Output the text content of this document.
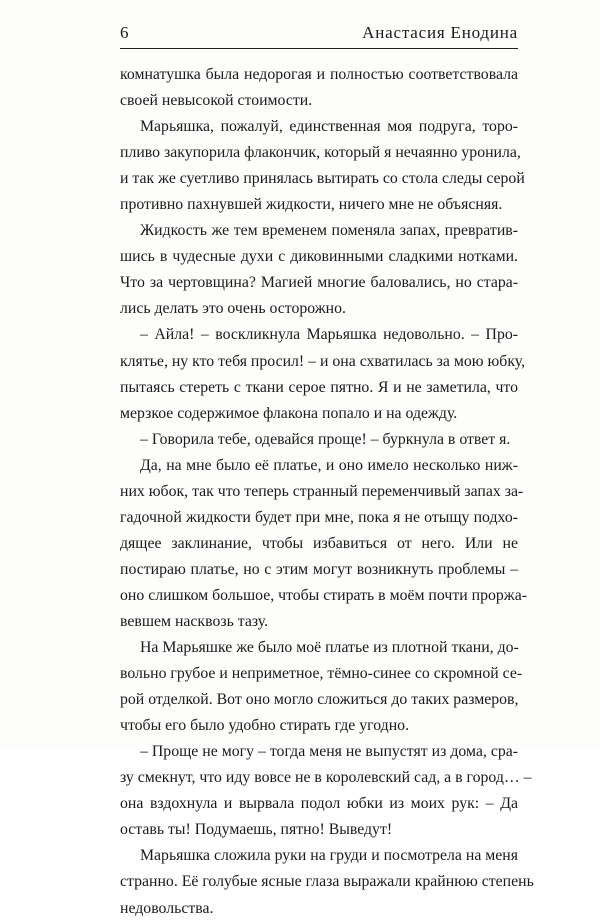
6	Анастасия Енодина
комнатушка была недорогая и полностью соответствовала
своей невысокой стоимости.
Марьяшка, пожалуй, единственная моя подруга, торо-
пливо закупорила флакончик, который я нечаянно уронила,
и так же суетливо принялась вытирать со стола следы серой
противно пахнувшей жидкости, ничего мне не объясняя.
Жидкость же тем временем поменяла запах, превратив-
шись в чудесные духи с диковинными сладкими нотками.
Что за чертовщина? Магией многие баловались, но стара-
лись делать это очень осторожно.
– Айла! – воскликнула Марьяшка недовольно. – Про-
клятье, ну кто тебя просил! – и она схватилась за мою юбку,
пытаясь стереть с ткани серое пятно. Я и не заметила, что
мерзкое содержимое флакона попало и на одежду.
– Говорила тебе, одевайся проще! – буркнула в ответ я.
Да, на мне было её платье, и оно имело несколько ниж-
них юбок, так что теперь странный переменчивый запах за-
гадочной жидкости будет при мне, пока я не отыщу подхо-
дящее заклинание, чтобы избавиться от него. Или не
постираю платье, но с этим могут возникнуть проблемы –
оно слишком большое, чтобы стирать в моём почти проржа-
вевшем насквозь тазу.
На Марьяшке же было моё платье из плотной ткани, до-
вольно грубое и неприметное, тёмно-синее со скромной се-
рой отделкой. Вот оно могло сложиться до таких размеров,
чтобы его было удобно стирать где угодно.
– Проще не могу – тогда меня не выпустят из дома, сра-
зу смекнут, что иду вовсе не в королевский сад, а в город… –
она вздохнула и вырвала подол юбки из моих рук: – Да
оставь ты! Подумаешь, пятно! Выведут!
Марьяшка сложила руки на груди и посмотрела на меня
странно. Её голубые ясные глаза выражали крайнюю степень
недовольства.
